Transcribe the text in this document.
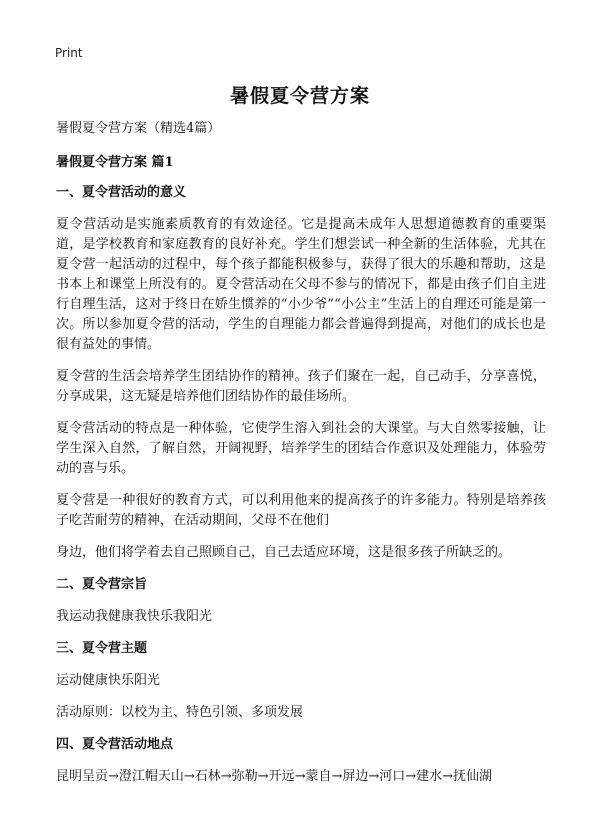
Print
暑假夏令营方案
暑假夏令营方案（精选4篇）
暑假夏令营方案 篇1
一、夏令营活动的意义
夏令营活动是实施素质教育的有效途径。它是提高未成年人思想道德教育的重要渠道，是学校教育和家庭教育的良好补充。学生们想尝试一种全新的生活体验，尤其在夏令营一起活动的过程中，每个孩子都能积极参与，获得了很大的乐趣和帮助，这是书本上和课堂上所没有的。夏令营活动在父母不参与的情况下，都是由孩子们自主进行自理生活，这对于终日在娇生惯养的“小少爷”“小公主”生活上的自理还可能是第一次。所以参加夏令营的活动，学生的自理能力都会普遍得到提高，对他们的成长也是很有益处的事情。
夏令营的生活会培养学生团结协作的精神。孩子们聚在一起，自己动手，分享喜悦，分享成果，这无疑是培养他们团结协作的最佳场所。
夏令营活动的特点是一种体验，它使学生溶入到社会的大课堂。与大自然零接触，让学生深入自然，了解自然，开阔视野，培养学生的团结合作意识及处理能力，体验劳动的喜与乐。
夏令营是一种很好的教育方式，可以利用他来的提高孩子的许多能力。特别是培养孩子吃苦耐劳的精神，在活动期间，父母不在他们
身边，他们将学着去自己照顾自己，自己去适应环境，这是很多孩子所缺乏的。
二、夏令营宗旨
我运动我健康我快乐我阳光
三、夏令营主题
运动健康快乐阳光
活动原则：以校为主、特色引领、多项发展
四、夏令营活动地点
昆明呈贡→澄江帽天山→石林→弥勒→开远→蒙自→屏边→河口→建水→抚仙湖
